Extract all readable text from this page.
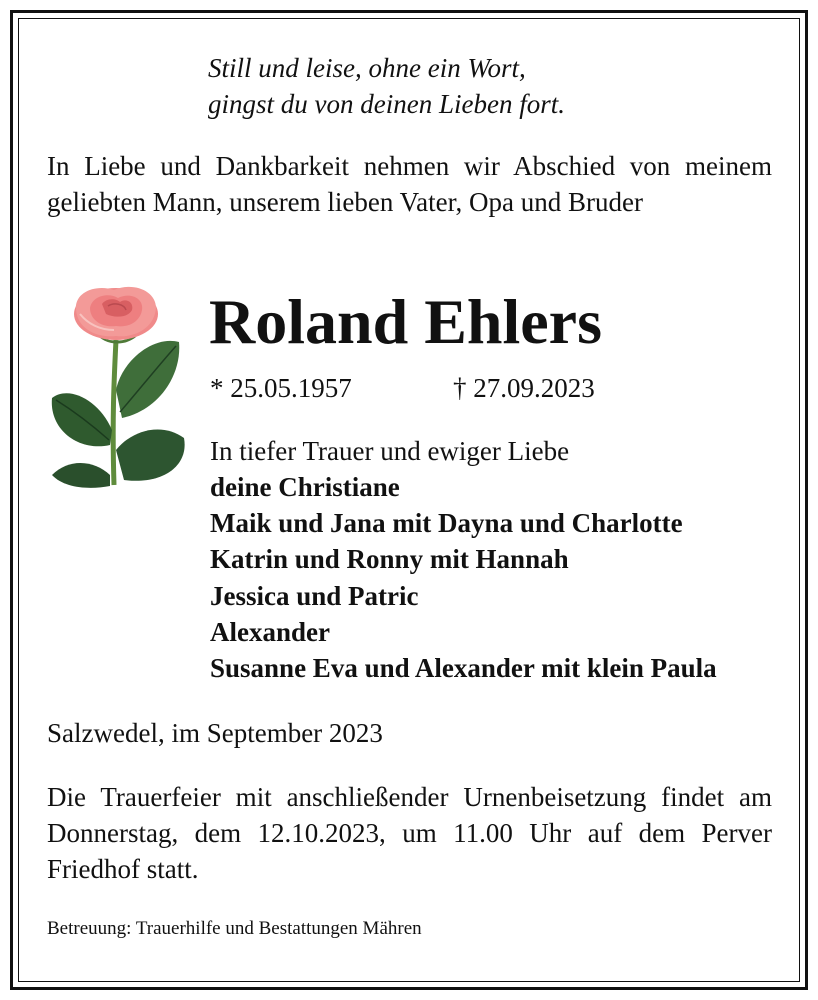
Still und leise, ohne ein Wort,
gingst du von deinen Lieben fort.
In Liebe und Dankbarkeit nehmen wir Abschied von meinem geliebten Mann, unserem lieben Vater, Opa und Bruder
Roland Ehlers
* 25.05.1957	† 27.09.2023
In tiefer Trauer und ewiger Liebe
deine Christiane
Maik und Jana mit Dayna und Charlotte
Katrin und Ronny mit Hannah
Jessica und Patric
Alexander
Susanne Eva und Alexander mit klein Paula
Salzwedel, im September 2023
Die Trauerfeier mit anschließender Urnenbeisetzung findet am Donnerstag, dem 12.10.2023, um 11.00 Uhr auf dem Perver Friedhof statt.
Betreuung: Trauerhilfe und Bestattungen Mähren
